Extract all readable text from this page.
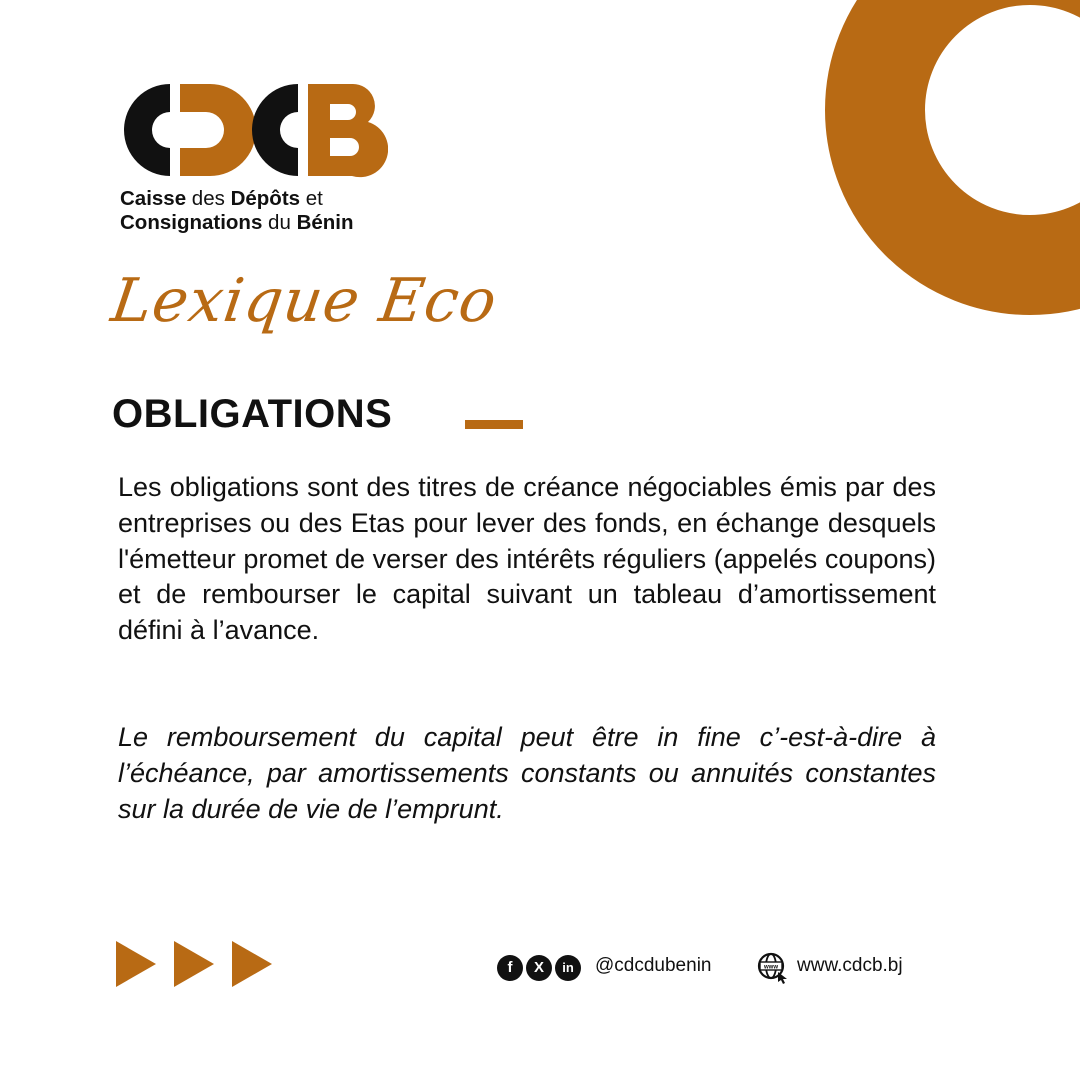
Caisse des Dépôts et
Consignations du Bénin
Lexique Eco
OBLIGATIONS

Les obligations sont des titres de créance négociables émis par des entreprises ou des Etas pour lever des fonds, en échange desquels l'émetteur promet de verser des intérêts réguliers (appelés coupons) et de rembourser le capital suivant un tableau d’amortissement défini à l’avance.

Le remboursement du capital peut être in fine c’-est-à-dire à l’échéance, par amortissements constants ou annuités constantes sur la durée de vie de l’emprunt.

f	X	in	@cdcdubenin	www www.cdcb.bj
